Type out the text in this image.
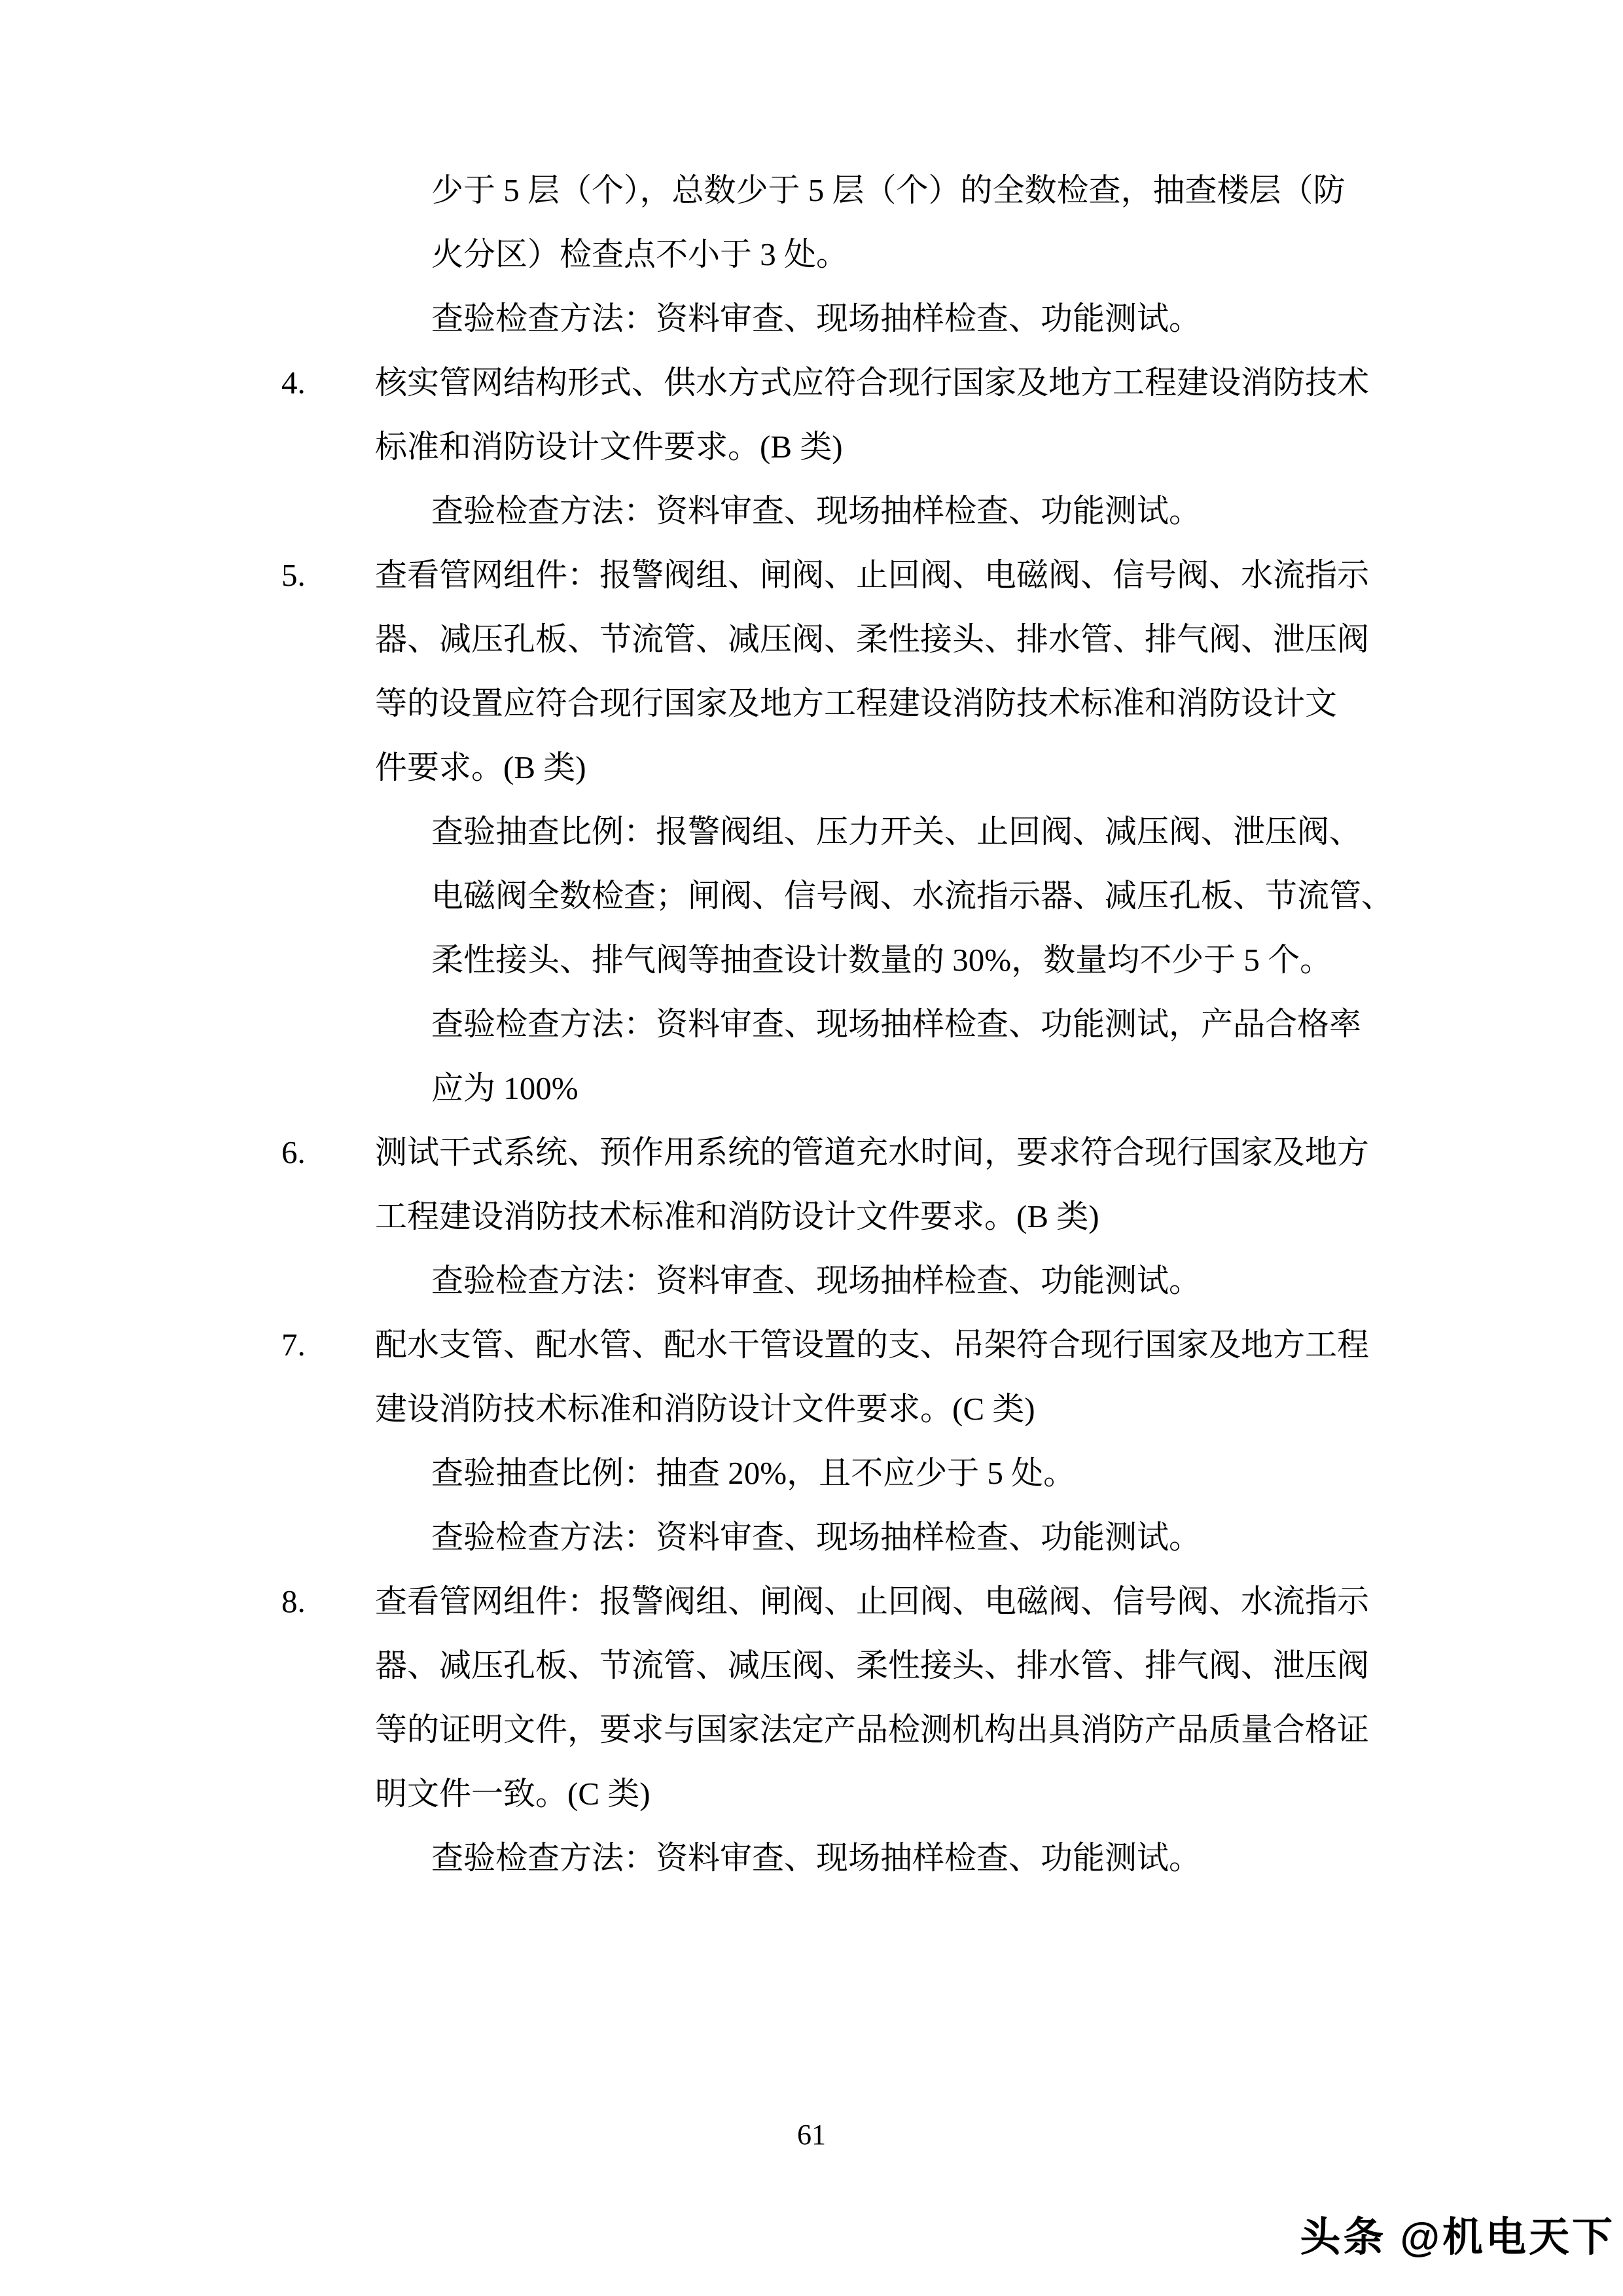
少于 5 层（个），总数少于 5 层（个）的全数检查，抽查楼层（防
火分区）检查点不小于 3 处。
查验检查方法：资料审查、现场抽样检查、功能测试。
4. 核实管网结构形式、供水方式应符合现行国家及地方工程建设消防技术
标准和消防设计文件要求。(B 类)
查验检查方法：资料审查、现场抽样检查、功能测试。
5. 查看管网组件：报警阀组、闸阀、止回阀、电磁阀、信号阀、水流指示
器、减压孔板、节流管、减压阀、柔性接头、排水管、排气阀、泄压阀
等的设置应符合现行国家及地方工程建设消防技术标准和消防设计文
件要求。(B 类)
查验抽查比例：报警阀组、压力开关、止回阀、减压阀、泄压阀、
电磁阀全数检查；闸阀、信号阀、水流指示器、减压孔板、节流管、
柔性接头、排气阀等抽查设计数量的 30%，数量均不少于 5 个。
查验检查方法：资料审查、现场抽样检查、功能测试，产品合格率
应为 100%
6. 测试干式系统、预作用系统的管道充水时间，要求符合现行国家及地方
工程建设消防技术标准和消防设计文件要求。(B 类)
查验检查方法：资料审查、现场抽样检查、功能测试。
7. 配水支管、配水管、配水干管设置的支、吊架符合现行国家及地方工程
建设消防技术标准和消防设计文件要求。(C 类)
查验抽查比例：抽查 20%，且不应少于 5 处。
查验检查方法：资料审查、现场抽样检查、功能测试。
8. 查看管网组件：报警阀组、闸阀、止回阀、电磁阀、信号阀、水流指示
器、减压孔板、节流管、减压阀、柔性接头、排水管、排气阀、泄压阀
等的证明文件，要求与国家法定产品检测机构出具消防产品质量合格证
明文件一致。(C 类)
查验检查方法：资料审查、现场抽样检查、功能测试。
61
头条 @机电天下
